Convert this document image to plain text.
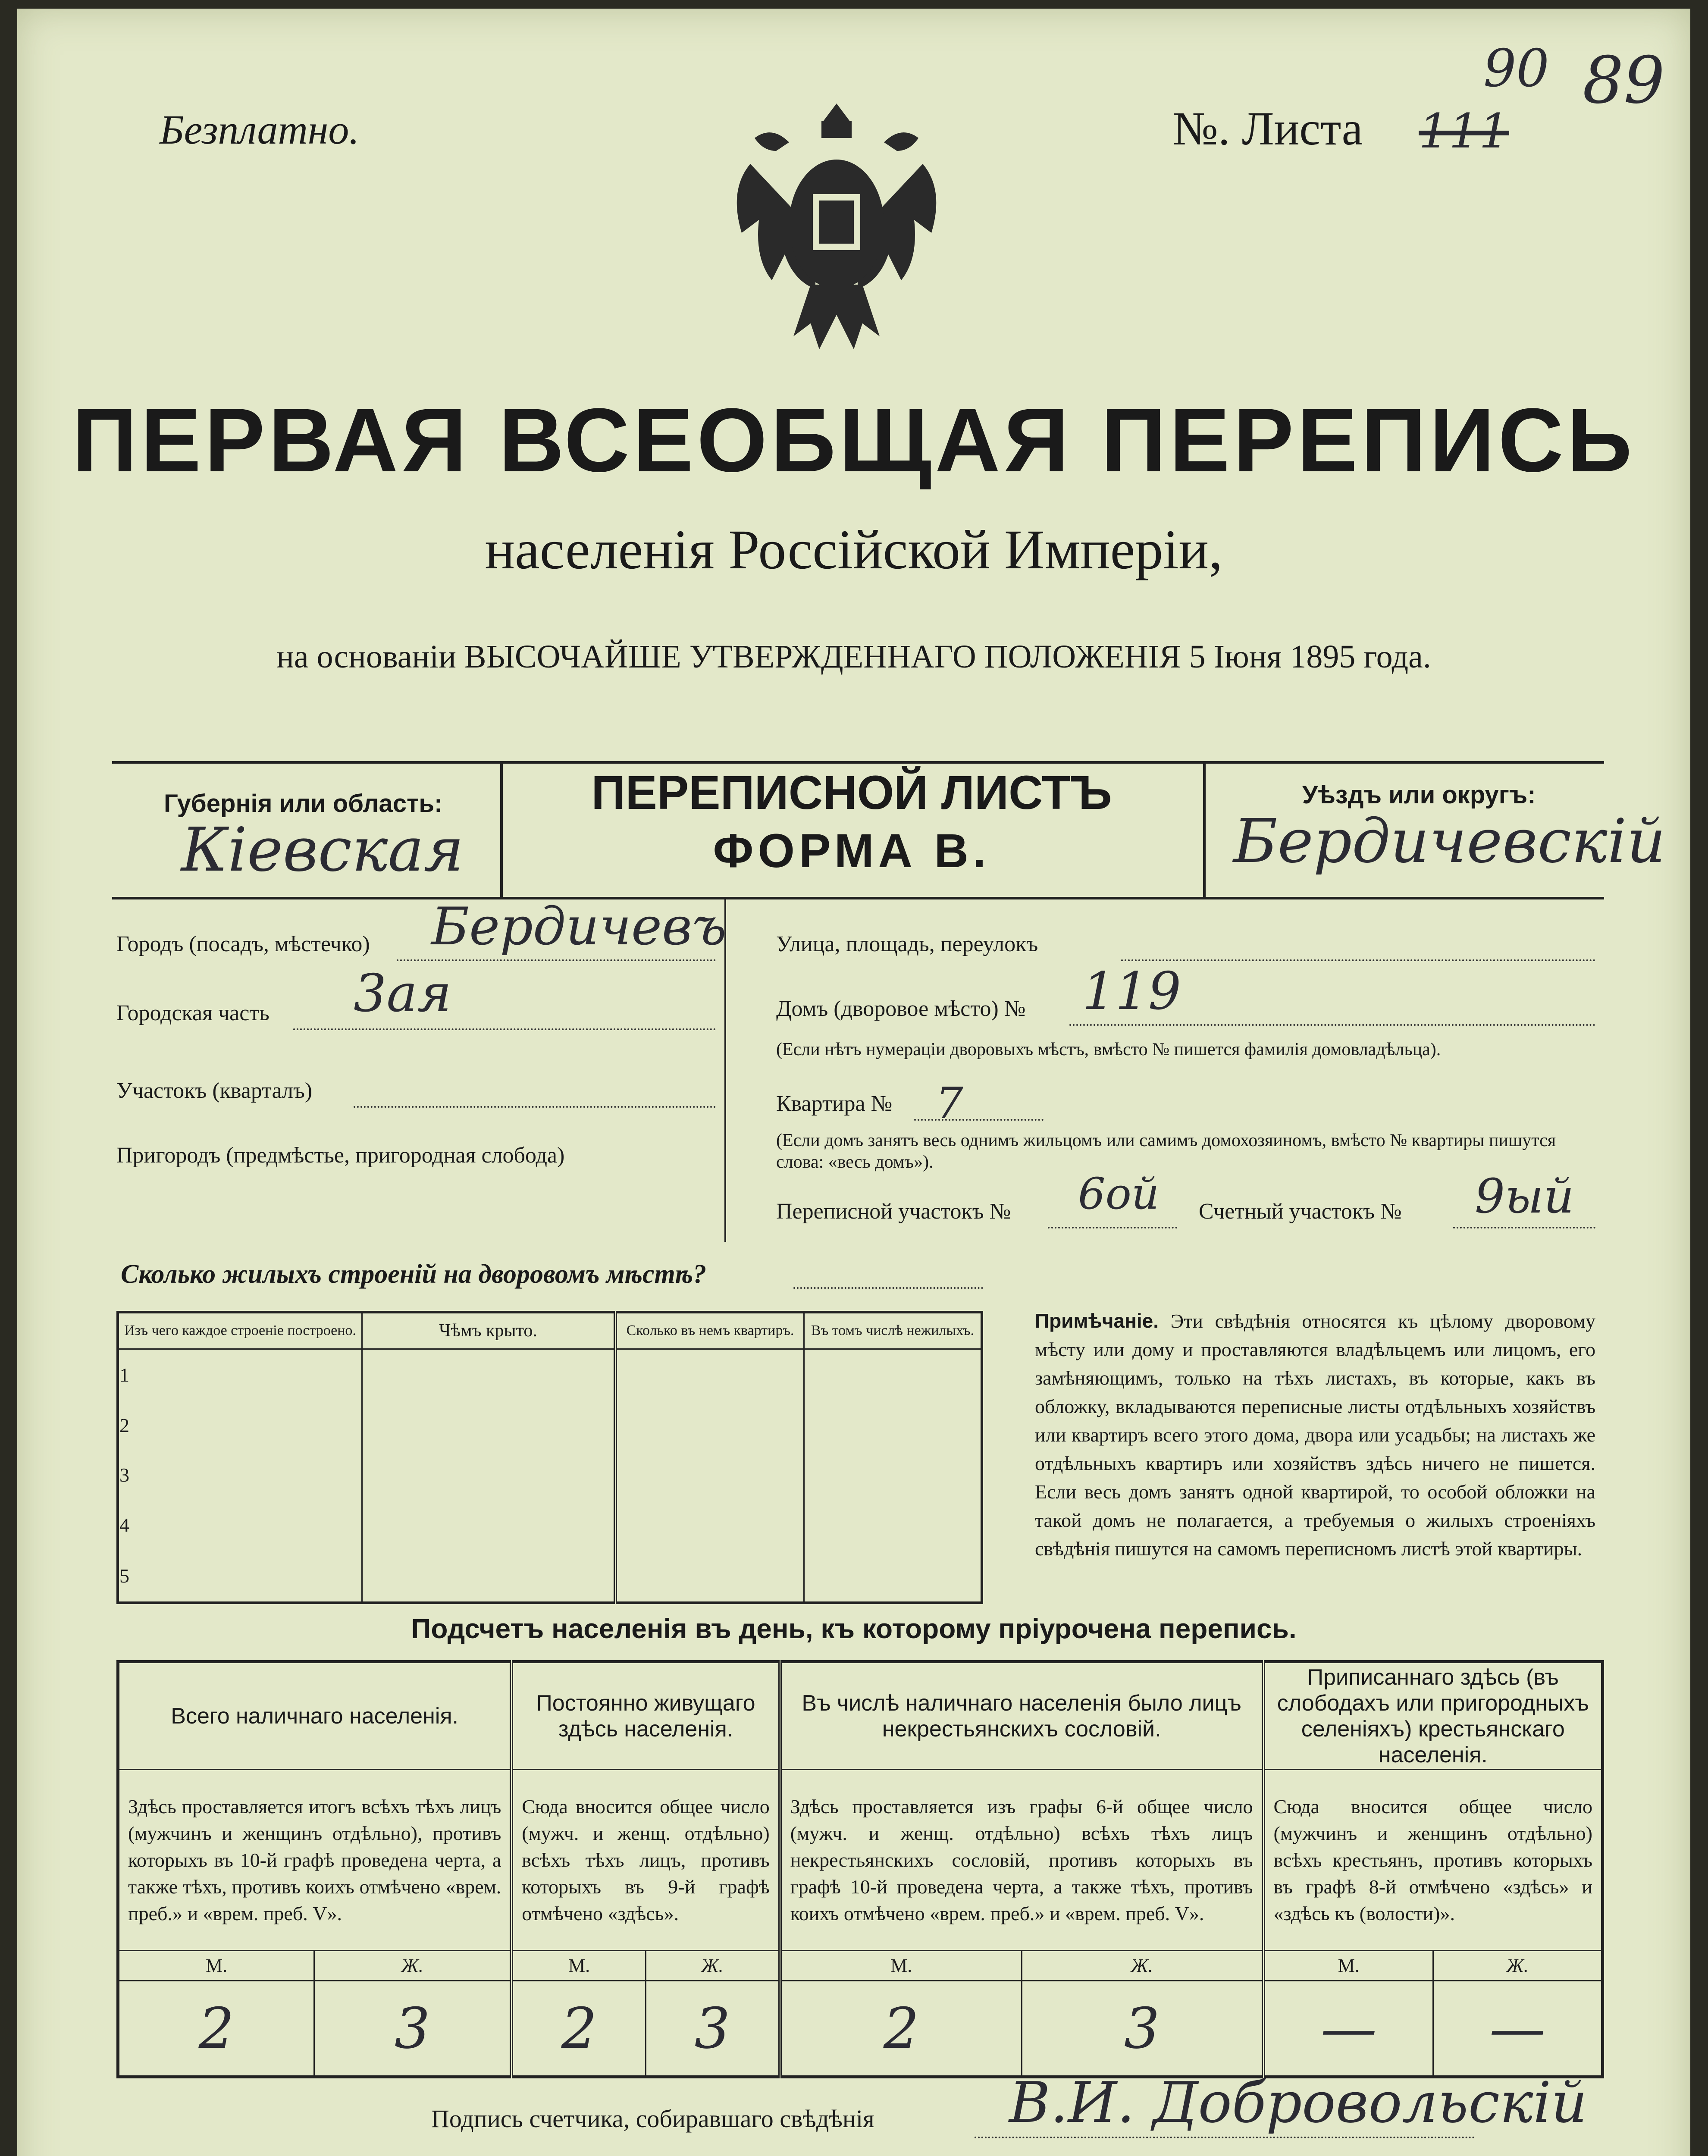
Безплатно.	№. Листа 111
90 89
ПЕРВАЯ ВСЕОБЩАЯ ПЕРЕПИСЬ
населенія Россійской Имперіи,
на основаніи ВЫСОЧАЙШЕ УТВЕРЖДЕННАГО ПОЛОЖЕНІЯ 5 Іюня 1895 года.
Губернія или область:
Кіевская
ПЕРЕПИСНОЙ ЛИСТЪ
ФОРМА В.
Уѣздъ или округъ:
Бердичевскій
Городъ (посадъ, мѣстечко) Бердичевъ
Городская часть 3ая
Участокъ (кварталъ)
Пригородъ (предмѣстье, пригородная слобода)
Улица, площадь, переулокъ
Домъ (дворовое мѣсто) № 119
(Если нѣтъ нумераціи дворовыхъ мѣстъ, вмѣсто № пишется фамилія домовладѣльца).
Квартира № 7
(Если домъ занятъ весь однимъ жильцомъ или самимъ домохозяиномъ, вмѣсто № квартиры пишутся слова: «весь домъ»).
Переписной участокъ № 6ой Счетный участокъ № 9ый
Сколько жилыхъ строеній на дворовомъ мѣстѣ?
Изъ чего каждое строеніе построено.	Чѣмъ крыто.	Сколько въ немъ квартиръ.	Въ томъ числѣ нежилыхъ.
1			
2			
3			
4			
5			
Примѣчаніе. Эти свѣдѣнія относятся къ цѣлому дворовому мѣсту или дому и проставляются владѣльцемъ или лицомъ, его замѣняющимъ, только на тѣхъ листахъ, въ которые, какъ въ обложку, вкладываются переписные листы отдѣльныхъ хозяйствъ или квартиръ всего этого дома, двора или усадьбы; на листахъ же отдѣльныхъ квартиръ или хозяйствъ здѣсь ничего не пишется. Если весь домъ занятъ одной квартирой, то особой обложки на такой домъ не полагается, а требуемыя о жилыхъ строеніяхъ свѣдѣнія пишутся на самомъ переписномъ листѣ этой квартиры.
Подсчетъ населенія въ день, къ которому пріурочена перепись.
Всего наличнаго населенія.		Постоянно живущаго здѣсь населенія.		Въ числѣ наличнаго населенія было лицъ некрестьянскихъ сословій.		Приписаннаго здѣсь (въ слободахъ или пригородныхъ селеніяхъ) крестьянскаго населенія.	
Здѣсь проставляется итогъ всѣхъ тѣхъ лицъ (мужчинъ и женщинъ отдѣльно), противъ которыхъ въ 10-й графѣ проведена черта, а также тѣхъ, противъ коихъ отмѣчено «врем. преб.» и «врем. преб. V».		Сюда вносится общее число (мужч. и женщ. отдѣльно) всѣхъ тѣхъ лицъ, противъ которыхъ въ 9-й графѣ отмѣчено «здѣсь».		Здѣсь проставляется изъ графы 6-й общее число (мужч. и женщ. отдѣльно) всѣхъ тѣхъ лицъ некрестьянскихъ сословій, противъ которыхъ въ графѣ 10-й проведена черта, а также тѣхъ, противъ коихъ отмѣчено «врем. преб.» и «врем. преб. V».		Сюда вносится общее число (мужчинъ и женщинъ отдѣльно) всѣхъ крестьянъ, противъ которыхъ въ графѣ 8-й отмѣчено «здѣсь» и «здѣсь къ (волости)».	
М.	Ж.	М.	Ж.	М.	Ж.	М.	Ж.
2	3	2	3	2	3	—	—
Подпись счетчика, собиравшаго свѣдѣнія В.И. Добровольскій
